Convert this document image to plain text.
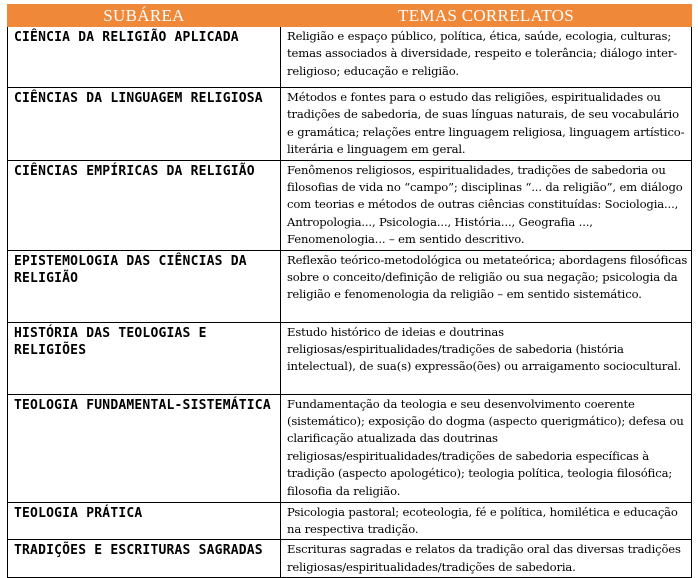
SUBÁREA	TEMAS CORRELATOS
CIÊNCIA DA RELIGIÃO APLICADA	Religião e espaço público, política, ética, saúde, ecologia, culturas; temas associados à diversidade, respeito e tolerância; diálogo inter-religioso; educação e religião.
CIÊNCIAS DA LINGUAGEM RELIGIOSA	Métodos e fontes para o estudo das religiões, espiritualidades ou tradições de sabedoria, de suas línguas naturais, de seu vocabulário e gramática; relações entre linguagem religiosa, linguagem artístico-literária e linguagem em geral.
CIÊNCIAS EMPÍRICAS DA RELIGIÃO	Fenômenos religiosos, espiritualidades, tradições de sabedoria ou filosofias de vida no “campo”; disciplinas “... da religião”, em diálogo com teorias e métodos de outras ciências constituídas: Sociologia..., Antropologia..., Psicologia..., História..., Geografia ..., Fenomenologia... – em sentido descritivo.
EPISTEMOLOGIA DAS CIÊNCIAS DA RELIGIÃO	Reflexão teórico-metodológica ou metateórica; abordagens filosóficas sobre o conceito/definição de religião ou sua negação; psicologia da religião e fenomenologia da religião – em sentido sistemático.
HISTÓRIA DAS TEOLOGIAS E RELIGIÕES	Estudo histórico de ideias e doutrinas religiosas/espiritualidades/tradições de sabedoria (história intelectual), de sua(s) expressão(ões) ou arraigamento sociocultural.
TEOLOGIA FUNDAMENTAL-SISTEMÁTICA	Fundamentação da teologia e seu desenvolvimento coerente (sistemático); exposição do dogma (aspecto querigmático); defesa ou clarificação atualizada das doutrinas religiosas/espiritualidades/tradições de sabedoria específicas à tradição (aspecto apologético); teologia política, teologia filosófica; filosofia da religião.
TEOLOGIA PRÁTICA	Psicologia pastoral; ecoteologia, fé e política, homilética e educação na respectiva tradição.
TRADIÇÕES E ESCRITURAS SAGRADAS	Escrituras sagradas e relatos da tradição oral das diversas tradições religiosas/espiritualidades/tradições de sabedoria.
